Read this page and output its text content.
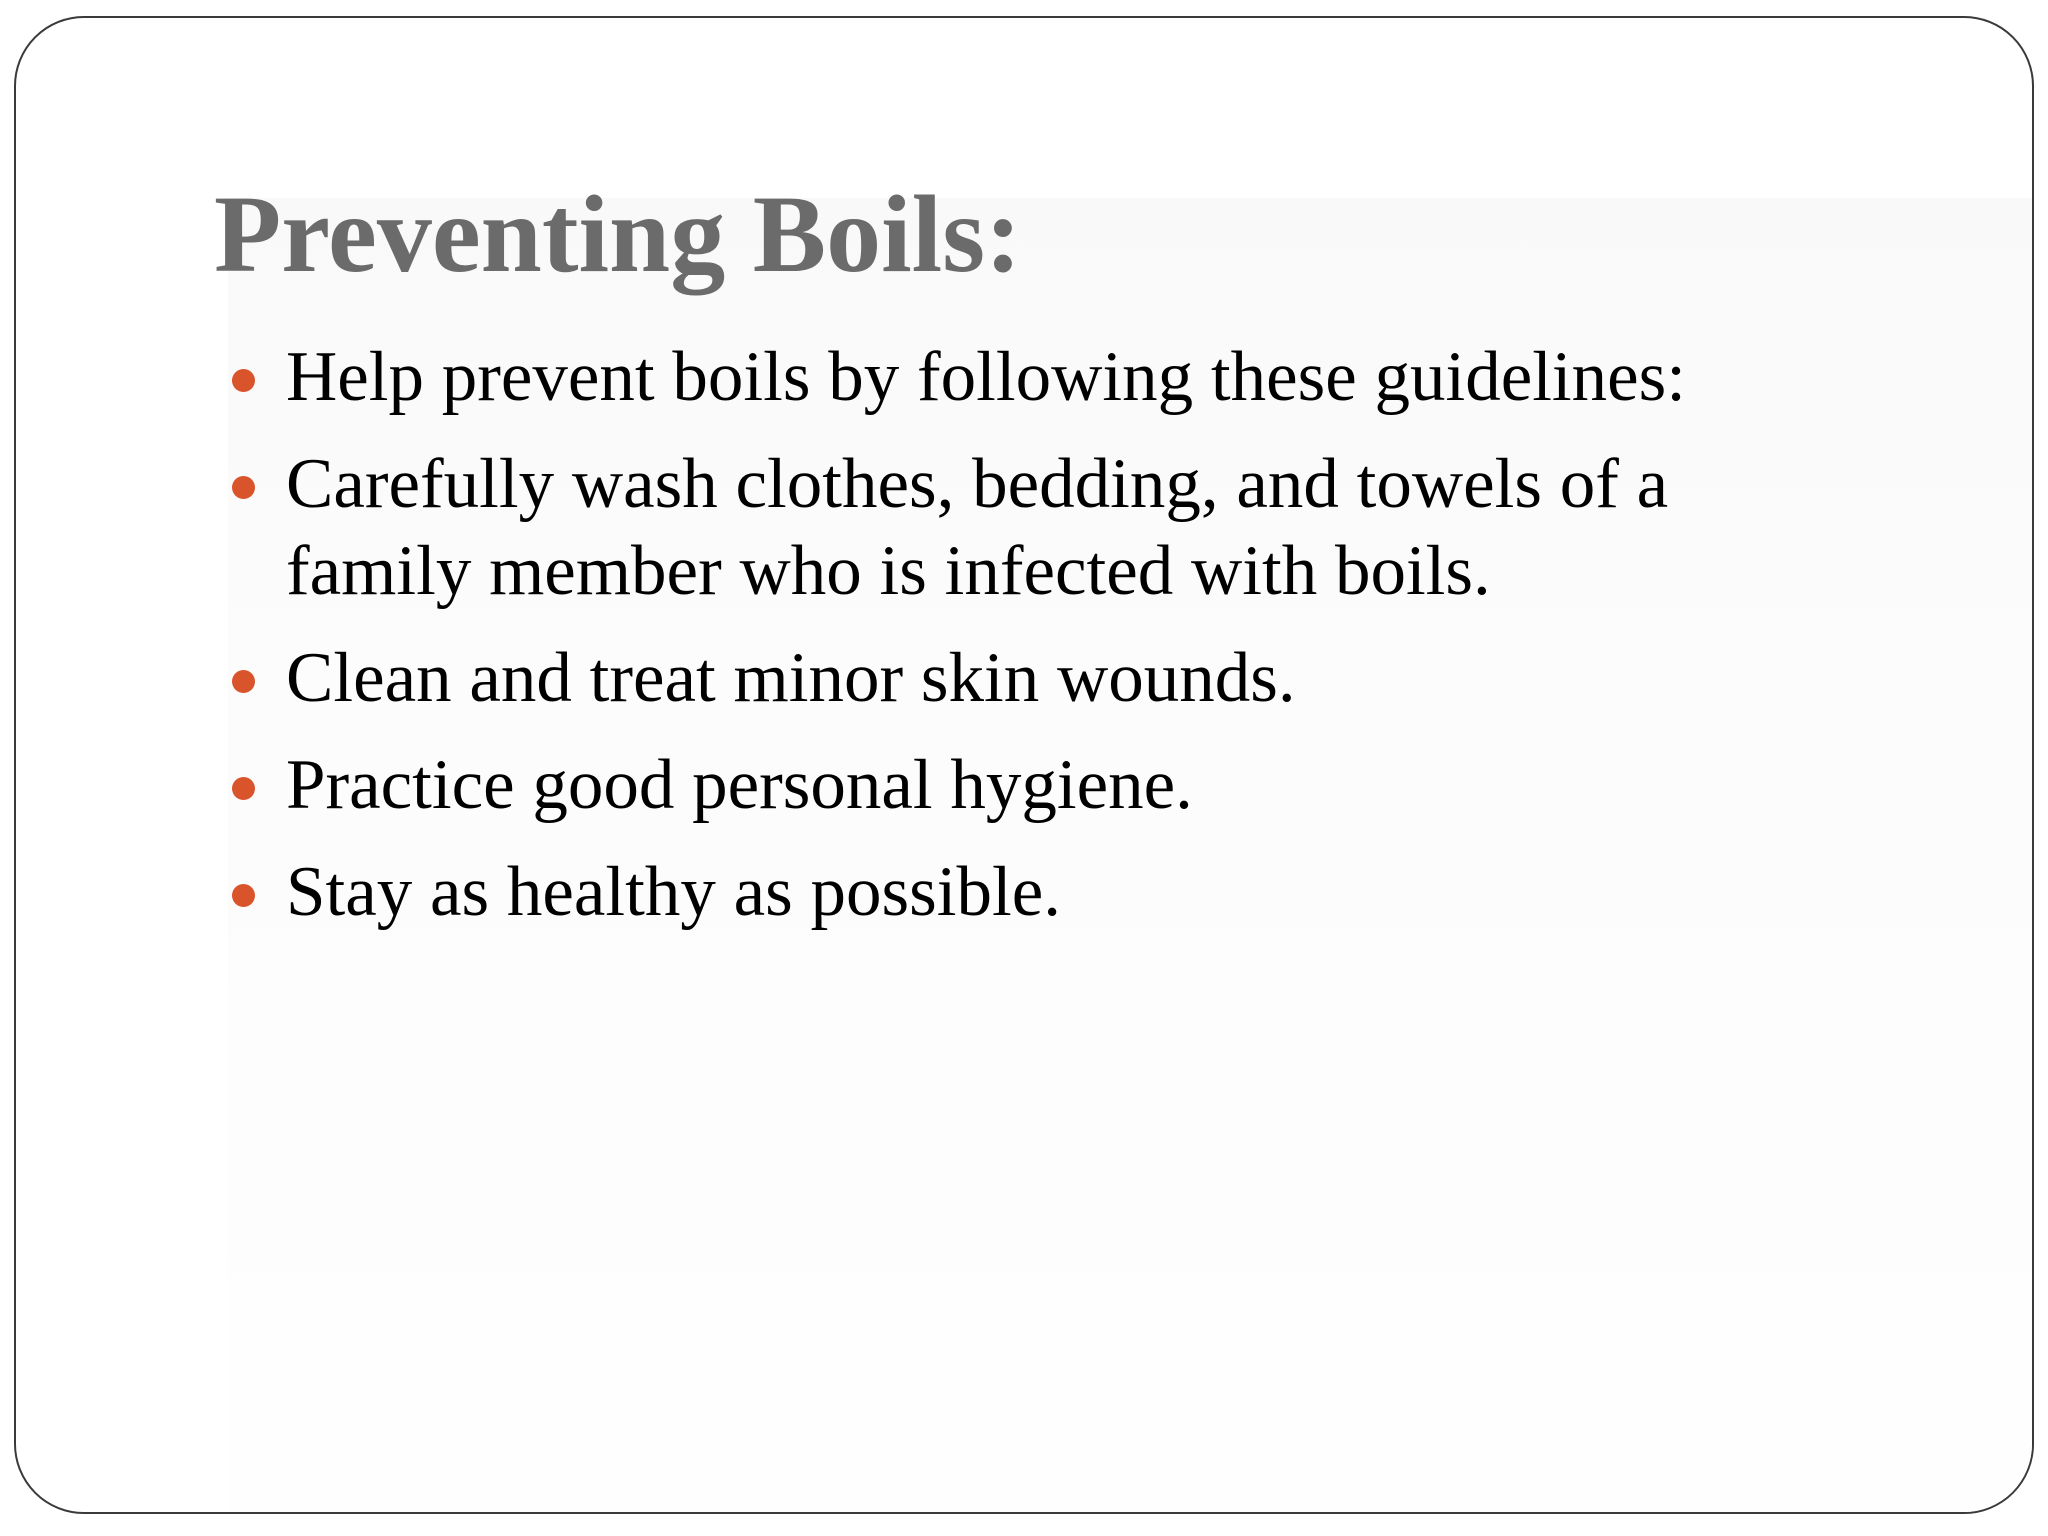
Preventing Boils:
Help prevent boils by following these guidelines:
Carefully wash clothes, bedding, and towels of a family member who is infected with boils.
Clean and treat minor skin wounds.
Practice good personal hygiene.
Stay as healthy as possible.
